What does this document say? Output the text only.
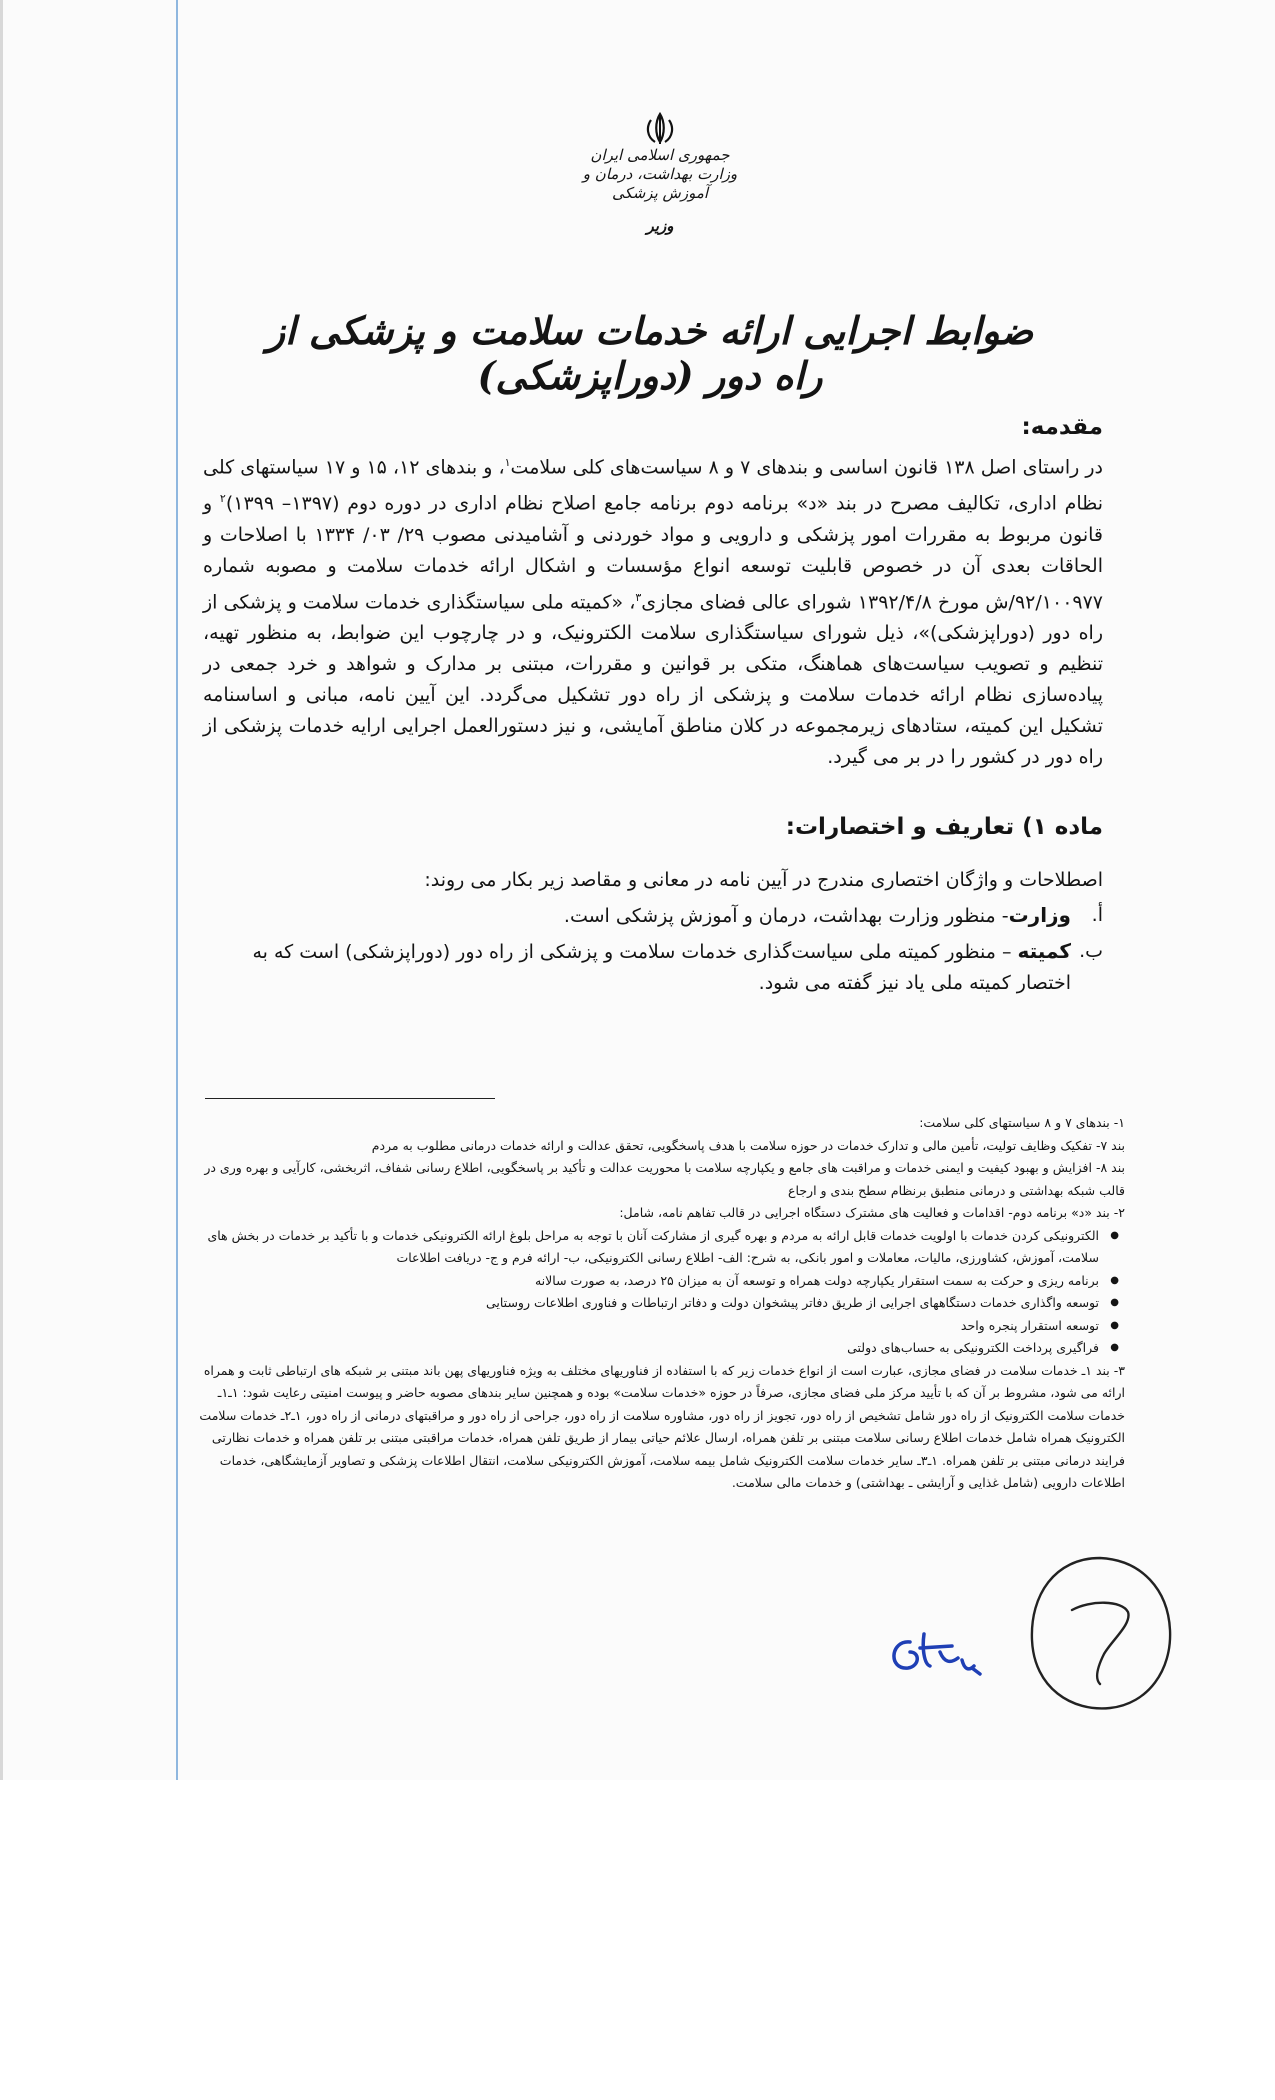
جمهوری اسلامی ایران
وزارت بهداشت، درمان و آموزش پزشکی
وزیر
ضوابط اجرایی ارائه خدمات سلامت و پزشکی از راه دور (دوراپزشکی)
مقدمه:

در راستای اصل ۱۳۸ قانون اساسی و بندهای ۷ و ۸ سیاست‌های کلی سلامت$^۱$، و بندهای ۱۲، ۱۵ و ۱۷ سیاستهای کلی نظام اداری، تکالیف مصرح در بند «د» برنامه دوم برنامه جامع اصلاح نظام اداری در دوره دوم (۱۳۹۷– ۱۳۹۹)$^۲$ و قانون مربوط به مقررات امور پزشکی و دارویی و مواد خوردنی و آشامیدنی مصوب ۲۹/ ۰۳/ ۱۳۳۴ با اصلاحات و الحاقات بعدی آن در خصوص قابلیت توسعه انواع مؤسسات و اشکال ارائه خدمات سلامت و مصوبه شماره ۹۲/۱۰۰۹۷۷/ش مورخ ۱۳۹۲/۴/۸ شورای عالی فضای مجازی$^۳$، «کمیته ملی سیاستگذاری خدمات سلامت و پزشکی از راه دور (دوراپزشکی)»، ذیل شورای سیاستگذاری سلامت الکترونیک، و در چارچوب این ضوابط، به منظور تهیه، تنظیم و تصویب سیاست‌های هماهنگ، متکی بر قوانین و مقررات، مبتنی بر مدارک و شواهد و خرد جمعی در پیاده‌سازی نظام ارائه خدمات سلامت و پزشکی از راه دور تشکیل می‌گردد. این آیین نامه، مبانی و اساسنامه تشکیل این کمیته، ستادهای زیرمجموعه در کلان مناطق آمایشی، و نیز دستورالعمل اجرایی ارایه خدمات پزشکی از راه دور در کشور را در بر می گیرد.

ماده ۱) تعاریف و اختصارات:
اصطلاحات و واژگان اختصاری مندرج در آیین نامه در معانی و مقاصد زیر بکار می روند:
أ.
وزارت- منظور وزارت بهداشت، درمان و آموزش پزشکی است.
ب.
کمیته – منظور کمیته ملی سیاست‌گذاری خدمات سلامت و پزشکی از راه دور (دوراپزشکی) است که به اختصار کمیته ملی یاد نیز گفته می شود.
۱- بندهای ۷ و ۸ سیاستهای کلی سلامت:
بند ۷- تفکیک وظایف تولیت، تأمین مالی و تدارک خدمات در حوزه سلامت با هدف پاسخگویی، تحقق عدالت و ارائه خدمات درمانی مطلوب به مردم
بند ۸- افزایش و بهبود کیفیت و ایمنی خدمات و مراقبت های جامع و یکپارچه سلامت با محوریت عدالت و تأکید بر پاسخگویی، اطلاع رسانی شفاف، اثربخشی، کارآیی و بهره وری در قالب شبکه بهداشتی و درمانی منطبق برنظام سطح بندی و ارجاع
۲- بند «د» برنامه دوم- اقدامات و فعالیت های مشترک دستگاه اجرایی در قالب تفاهم نامه، شامل:
● الکترونیکی کردن خدمات با اولویت خدمات قابل ارائه به مردم و بهره گیری از مشارکت آنان با توجه به مراحل بلوغ ارائه الکترونیکی خدمات و با تأکید بر خدمات در بخش های سلامت، آموزش، کشاورزی، مالیات، معاملات و امور بانکی، به شرح: الف- اطلاع رسانی الکترونیکی، ب- ارائه فرم و ج- دریافت اطلاعات
● برنامه ریزی و حرکت به سمت استقرار یکپارچه دولت همراه و توسعه آن به میزان ۲۵ درصد، به صورت سالانه
● توسعه واگذاری خدمات دستگاههای اجرایی از طریق دفاتر پیشخوان دولت و دفاتر ارتباطات و فناوری اطلاعات روستایی
● توسعه استقرار پنجره واحد
● فراگیری پرداخت الکترونیکی به حساب‌های دولتی
۳- بند ۱ـ خدمات سلامت در فضای مجازی، عبارت است از انواع خدمات زیر که با استفاده از فناوریهای مختلف به ویژه فناوریهای پهن باند مبتنی بر شبکه های ارتباطی ثابت و همراه ارائه می شود، مشروط بر آن که با تأیید مرکز ملی فضای مجازی، صرفاً در حوزه «خدمات سلامت» بوده و همچنین سایر بندهای مصوبه حاضر و پیوست امنیتی رعایت شود: ۱ـ۱ـ خدمات سلامت الکترونیک از راه دور شامل تشخیص از راه دور، تجویز از راه دور، مشاوره سلامت از راه دور، جراحی از راه دور و مراقبتهای درمانی از راه دور، ۱ـ۲ـ خدمات سلامت الکترونیک همراه شامل خدمات اطلاع رسانی سلامت مبتنی بر تلفن همراه، ارسال علائم حیاتی بیمار از طریق تلفن همراه، خدمات مراقبتی مبتنی بر تلفن همراه و خدمات نظارتی فرایند درمانی مبتنی بر تلفن همراه. ۱ـ۳ـ سایر خدمات سلامت الکترونیک شامل بیمه سلامت، آموزش الکترونیکی سلامت، انتقال اطلاعات پزشکی و تصاویر آزمایشگاهی، خدمات اطلاعات دارویی (شامل غذایی و آرایشی ـ بهداشتی) و خدمات مالی سلامت.
